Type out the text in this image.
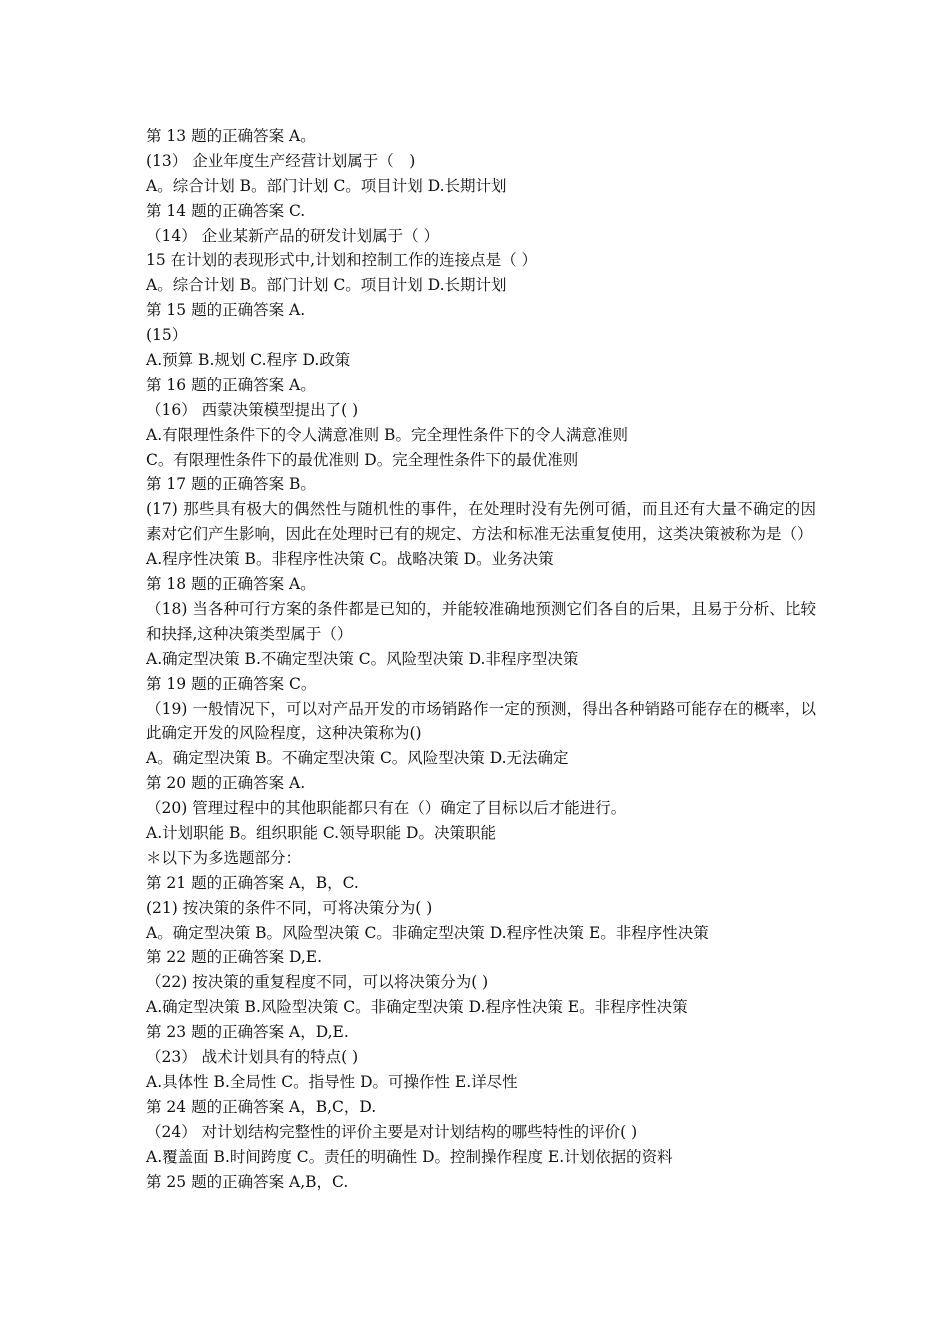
第 13 题的正确答案 A。
(13） 企业年度生产经营计划属于（　)
A。综合计划 B。部门计划 C。项目计划 D.长期计划
第 14 题的正确答案 C.
（14） 企业某新产品的研发计划属于（ ）
15 在计划的表现形式中,计划和控制工作的连接点是（ ）
A。综合计划 B。部门计划 C。项目计划 D.长期计划
第 15 题的正确答案 A.
(15）
A.预算 B.规划 C.程序 D.政策
第 16 题的正确答案 A。
（16） 西蒙决策模型提出了( )
A.有限理性条件下的令人满意准则 B。完全理性条件下的令人满意准则
C。有限理性条件下的最优准则 D。完全理性条件下的最优准则
第 17 题的正确答案 B。
(17) 那些具有极大的偶然性与随机性的事件，在处理时没有先例可循，而且还有大量不确定的因素对它们产生影响，因此在处理时已有的规定、方法和标准无法重复使用，这类决策被称为是（）
A.程序性决策 B。非程序性决策 C。战略决策 D。业务决策
第 18 题的正确答案 A。
（18) 当各种可行方案的条件都是已知的，并能较准确地预测它们各自的后果，且易于分析、比较和抉择,这种决策类型属于（）
A.确定型决策 B.不确定型决策 C。风险型决策 D.非程序型决策
第 19 题的正确答案 C。
（19) 一般情况下，可以对产品开发的市场销路作一定的预测，得出各种销路可能存在的概率，以此确定开发的风险程度，这种决策称为()
A。确定型决策 B。不确定型决策 C。风险型决策 D.无法确定
第 20 题的正确答案 A.
（20) 管理过程中的其他职能都只有在（）确定了目标以后才能进行。
A.计划职能 B。组织职能 C.领导职能 D。决策职能
＊以下为多选题部分：
第 21 题的正确答案 A，B，C.
(21) 按决策的条件不同，可将决策分为( )
A。确定型决策 B。风险型决策 C。非确定型决策 D.程序性决策 E。非程序性决策
第 22 题的正确答案 D,E.
（22) 按决策的重复程度不同，可以将决策分为( )
A.确定型决策 B.风险型决策 C。非确定型决策 D.程序性决策 E。非程序性决策
第 23 题的正确答案 A，D,E.
（23） 战术计划具有的特点( )
A.具体性 B.全局性 C。指导性 D。可操作性 E.详尽性
第 24 题的正确答案 A，B,C，D.
（24） 对计划结构完整性的评价主要是对计划结构的哪些特性的评价( )
A.覆盖面 B.时间跨度 C。责任的明确性 D。控制操作程度 E.计划依据的资料
第 25 题的正确答案 A,B，C.
